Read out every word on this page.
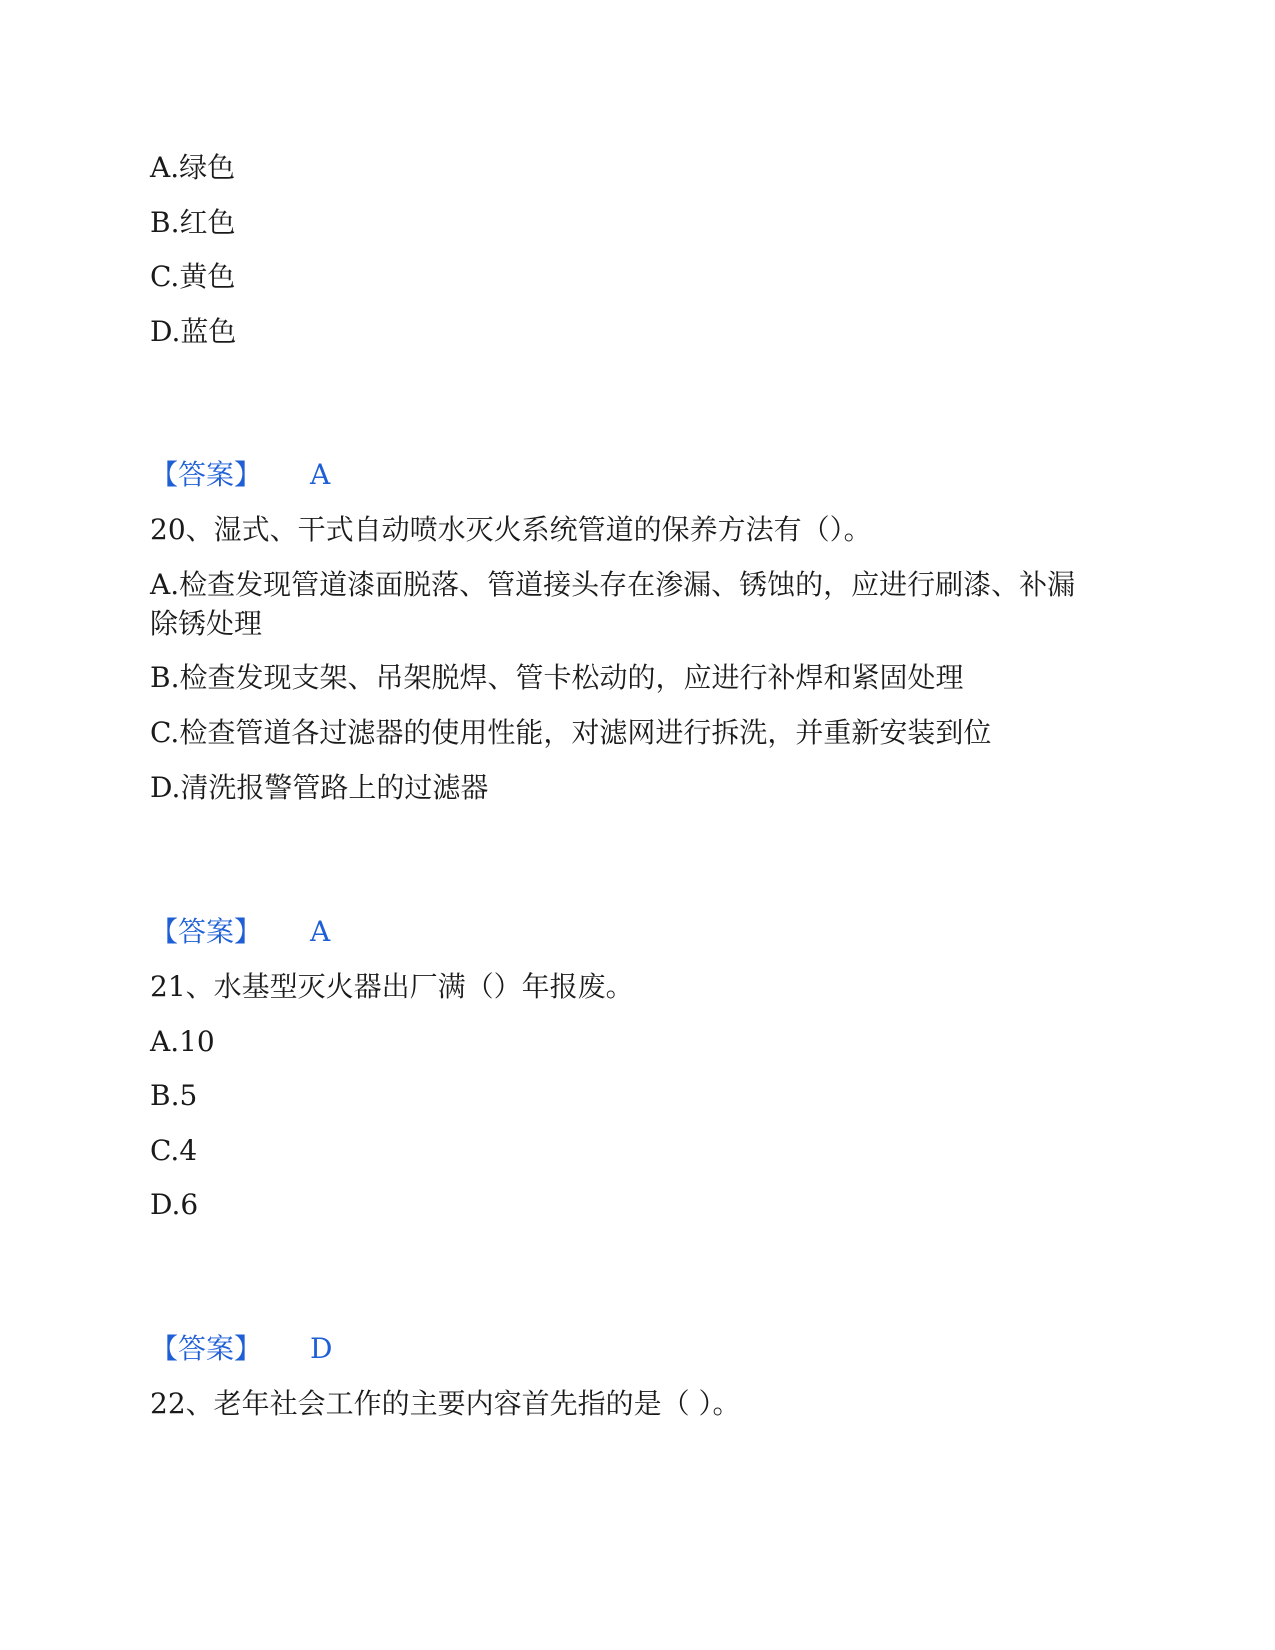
A.绿色
B.红色
C.黄色
D.蓝色
【答案】 A
20、湿式、干式自动喷水灭火系统管道的保养方法有（）。
A.检查发现管道漆面脱落、管道接头存在渗漏、锈蚀的，应进行刷漆、补漏
除锈处理
B.检查发现支架、吊架脱焊、管卡松动的，应进行补焊和紧固处理
C.检查管道各过滤器的使用性能，对滤网进行拆洗，并重新安装到位
D.清洗报警管路上的过滤器
【答案】 A
21、水基型灭火器出厂满（）年报废。
A.10
B.5
C.4
D.6
【答案】 D
22、老年社会工作的主要内容首先指的是（ ）。
